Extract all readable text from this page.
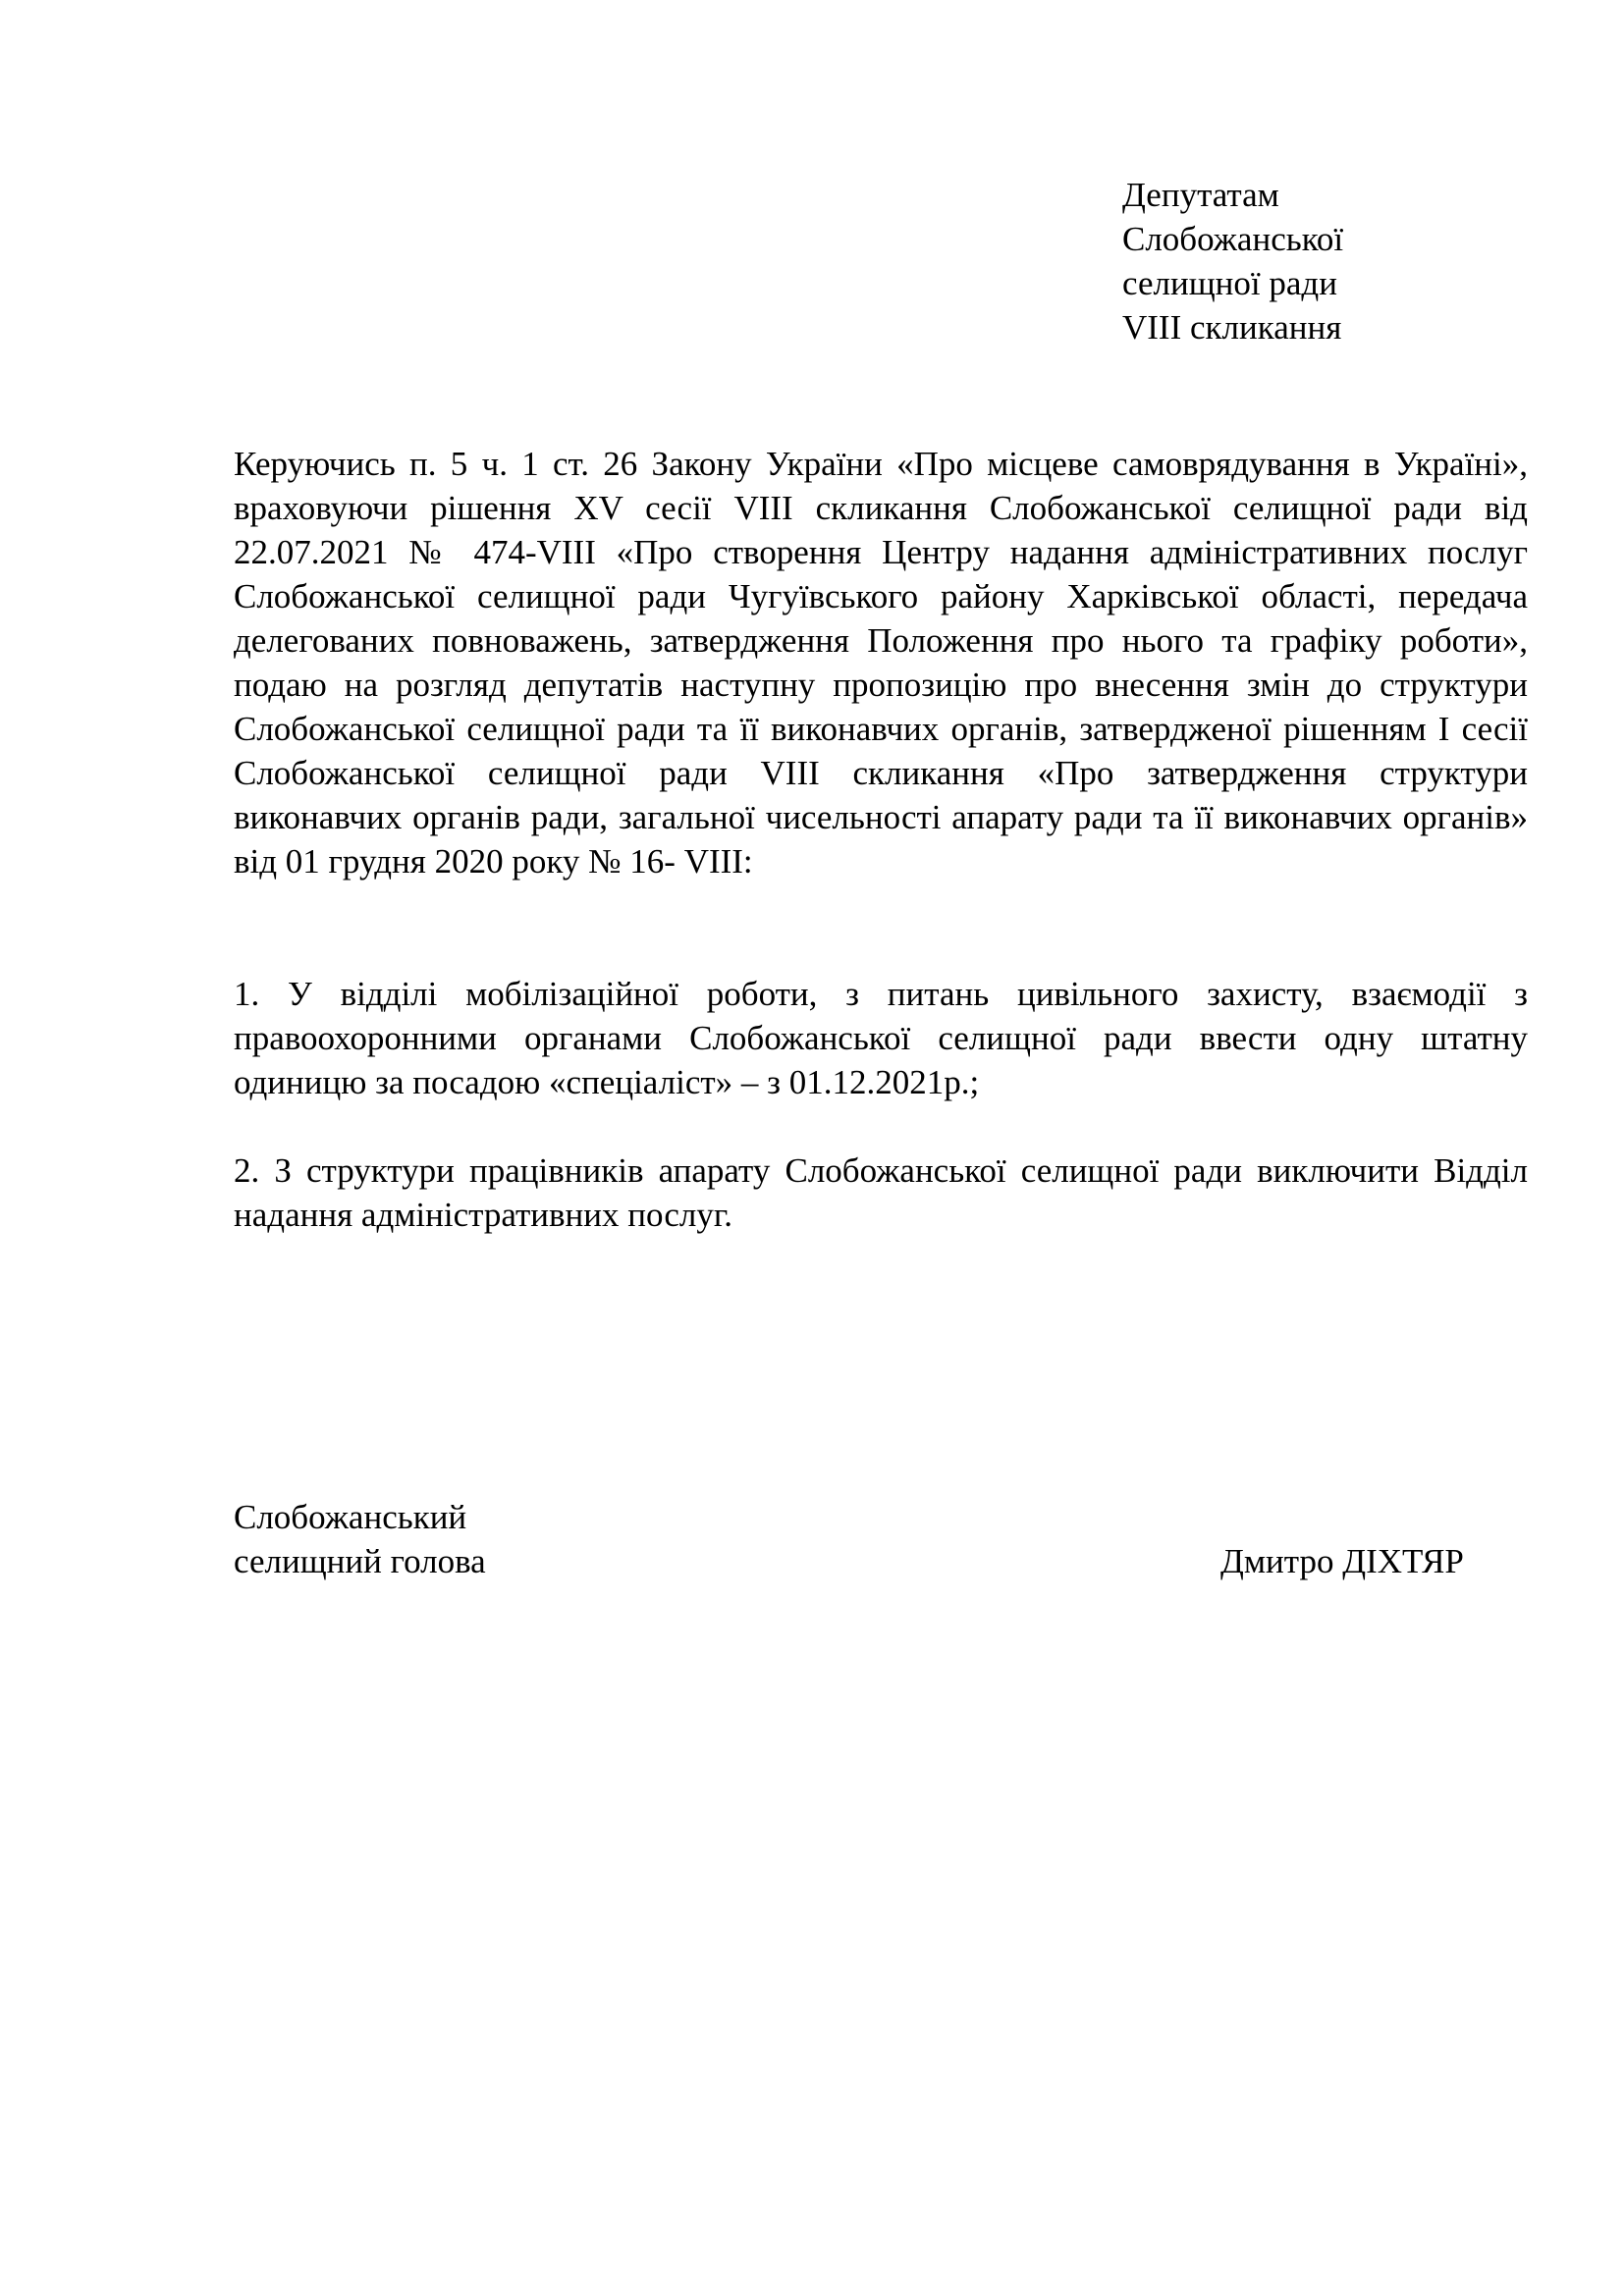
Депутатам
Слобожанської
селищної ради
VIII скликання

Керуючись п. 5 ч. 1 ст. 26 Закону України «Про місцеве самоврядування в Україні», враховуючи рішення XV сесії VIII скликання Слобожанської селищної ради від 22.07.2021 № 474-VIII «Про створення Центру надання адміністративних послуг Слобожанської селищної ради Чугуївського району Харківської області, передача делегованих повноважень, затвердження Положення про нього та графіку роботи», подаю на розгляд депутатів наступну пропозицію про внесення змін до структури Слобожанської селищної ради та її виконавчих органів, затвердженої рішенням І сесії Слобожанської селищної ради VIII скликання «Про затвердження структури виконавчих органів ради, загальної чисельності апарату ради та її виконавчих органів» від 01 грудня 2020 року № 16- VIII:

1. У відділі мобілізаційної роботи, з питань цивільного захисту, взаємодії з правоохоронними органами Слобожанської селищної ради ввести одну штатну одиницю за посадою «спеціаліст» – з 01.12.2021р.;

2. З структури працівників апарату Слобожанської селищної ради виключити Відділ надання адміністративних послуг.

Слобожанський
селищний голова	Дмитро ДІХТЯР
